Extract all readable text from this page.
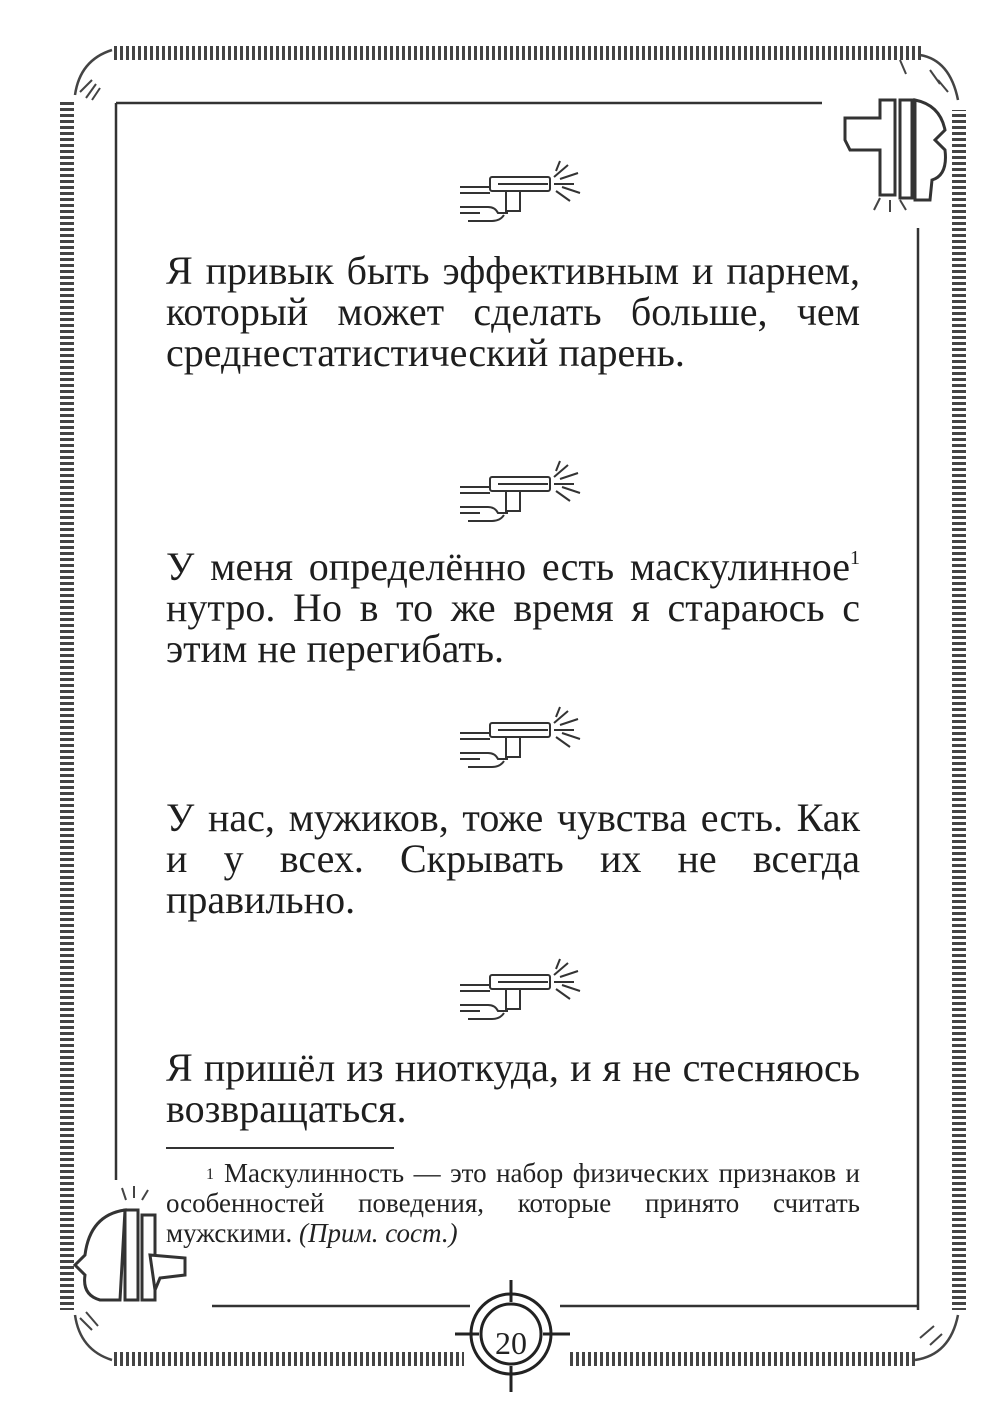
Я привык быть эффективным и парнем, который может сделать больше, чем среднестатистический парень.

У меня определённо есть маскулинное$^1$ нутро. Но в то же время я стараюсь с этим не перегибать.

У нас, мужиков, тоже чувства есть. Как и у всех. Скрывать их не всегда правильно.

Я пришёл из ниоткуда, и я не стесняюсь возвращаться.

$^1$ Маскулинность — это набор физических признаков и особенностей поведения, которые принято считать мужскими. (Прим. сост.)

20
